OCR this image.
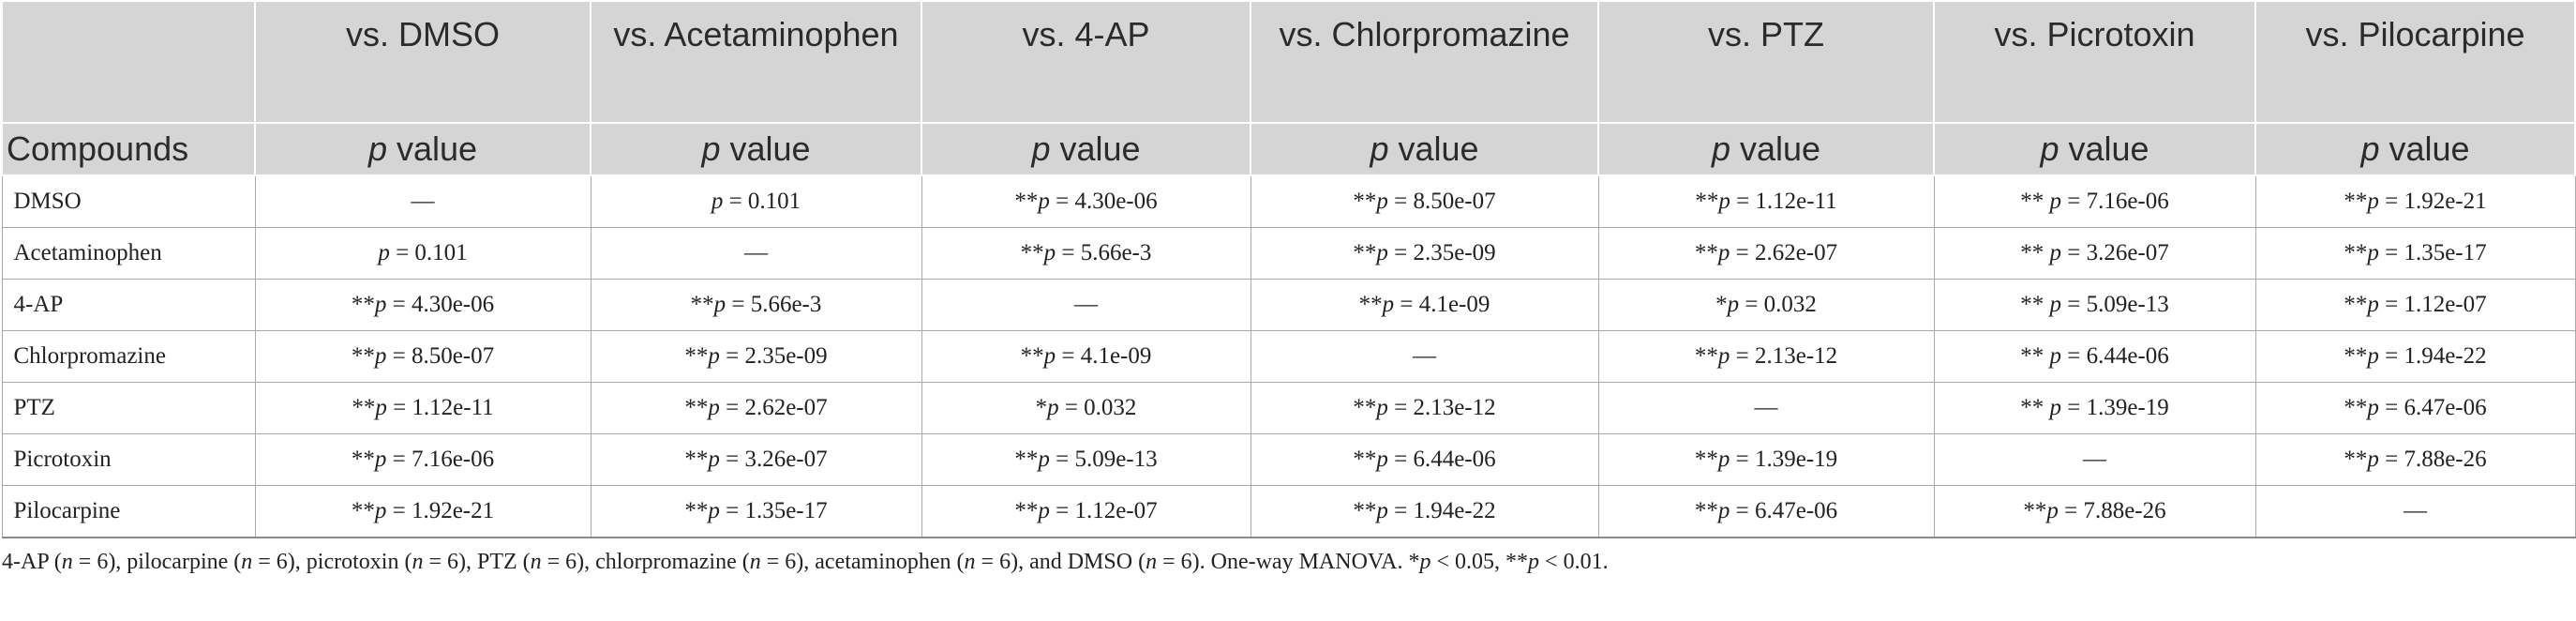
	vs. DMSO	vs. Acetaminophen	vs. 4-AP	vs. Chlorpromazine	vs. PTZ	vs. Picrotoxin	vs. Pilocarpine
Compounds	p value	p value	p value	p value	p value	p value	p value
DMSO	—	p = 0.101	**p = 4.30e-06	**p = 8.50e-07	**p = 1.12e-11	** p = 7.16e-06	**p = 1.92e-21
Acetaminophen	p = 0.101	—	**p = 5.66e-3	**p = 2.35e-09	**p = 2.62e-07	** p = 3.26e-07	**p = 1.35e-17
4-AP	**p = 4.30e-06	**p = 5.66e-3	—	**p = 4.1e-09	*p = 0.032	** p = 5.09e-13	**p = 1.12e-07
Chlorpromazine	**p = 8.50e-07	**p = 2.35e-09	**p = 4.1e-09	—	**p = 2.13e-12	** p = 6.44e-06	**p = 1.94e-22
PTZ	**p = 1.12e-11	**p = 2.62e-07	*p = 0.032	**p = 2.13e-12	—	** p = 1.39e-19	**p = 6.47e-06
Picrotoxin	**p = 7.16e-06	**p = 3.26e-07	**p = 5.09e-13	**p = 6.44e-06	**p = 1.39e-19	—	**p = 7.88e-26
Pilocarpine	**p = 1.92e-21	**p = 1.35e-17	**p = 1.12e-07	**p = 1.94e-22	**p = 6.47e-06	**p = 7.88e-26	—
4-AP (n = 6), pilocarpine (n = 6), picrotoxin (n = 6), PTZ (n = 6), chlorpromazine (n = 6), acetaminophen (n = 6), and DMSO (n = 6). One-way MANOVA. *p < 0.05, **p < 0.01.
